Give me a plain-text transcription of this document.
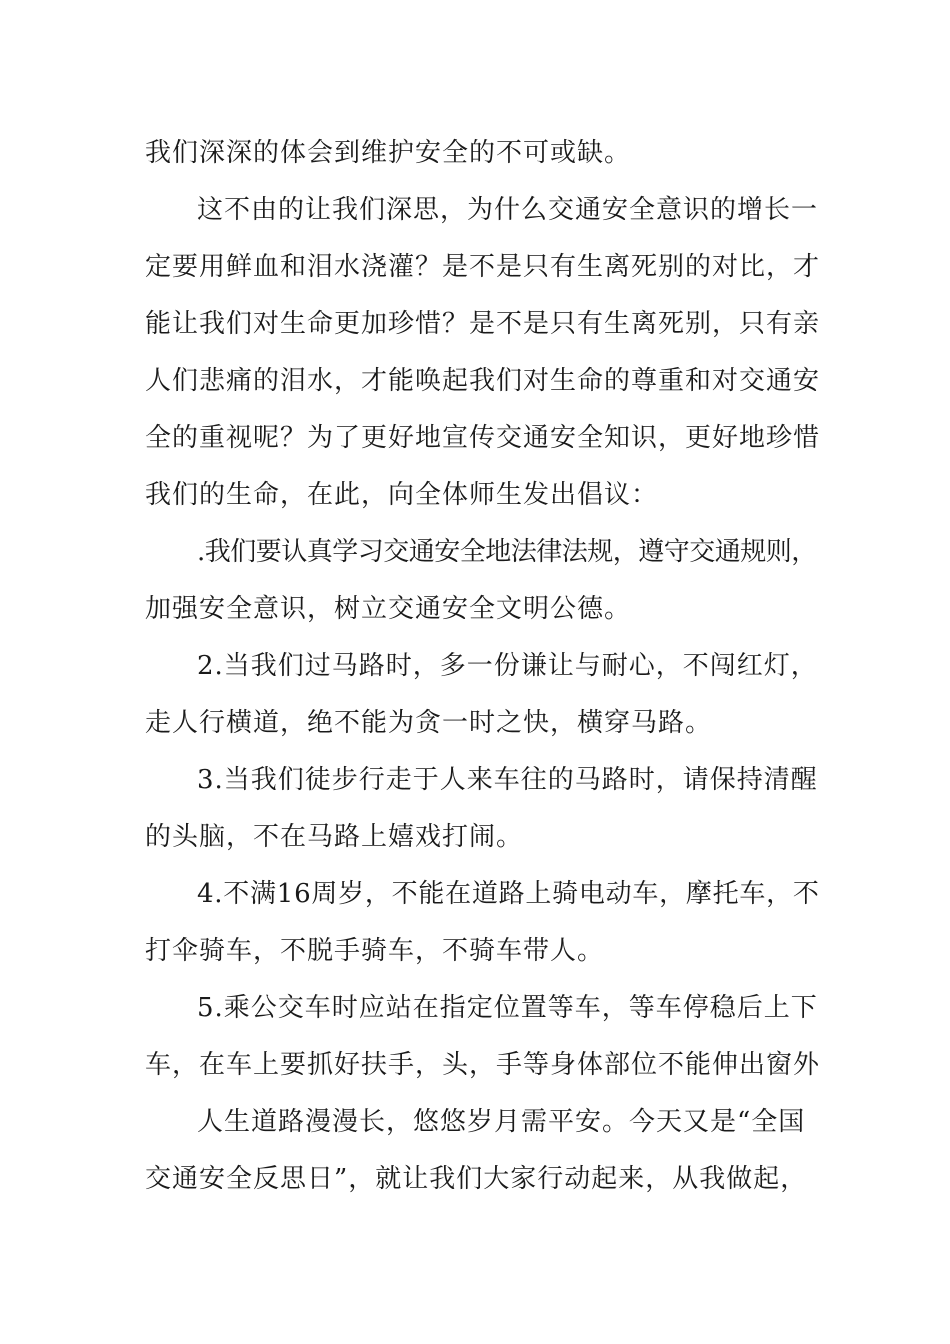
我们深深的体会到维护安全的不可或缺。
这不由的让我们深思，为什么交通安全意识的增长一
定要用鲜血和泪水浇灌？是不是只有生离死别的对比，才
能让我们对生命更加珍惜？是不是只有生离死别，只有亲
人们悲痛的泪水，才能唤起我们对生命的尊重和对交通安
全的重视呢？为了更好地宣传交通安全知识，更好地珍惜
我们的生命，在此，向全体师生发出倡议：
.我们要认真学习交通安全地法律法规，遵守交通规则，
加强安全意识，树立交通安全文明公德。
2.当我们过马路时，多一份谦让与耐心，不闯红灯，
走人行横道，绝不能为贪一时之快，横穿马路。
3.当我们徒步行走于人来车往的马路时，请保持清醒
的头脑，不在马路上嬉戏打闹。
4.不满16周岁，不能在道路上骑电动车，摩托车，不
打伞骑车，不脱手骑车，不骑车带人。
5.乘公交车时应站在指定位置等车，等车停稳后上下
车，在车上要抓好扶手，头，手等身体部位不能伸出窗外
人生道路漫漫长，悠悠岁月需平安。今天又是“全国
交通安全反思日”，就让我们大家行动起来，从我做起，
